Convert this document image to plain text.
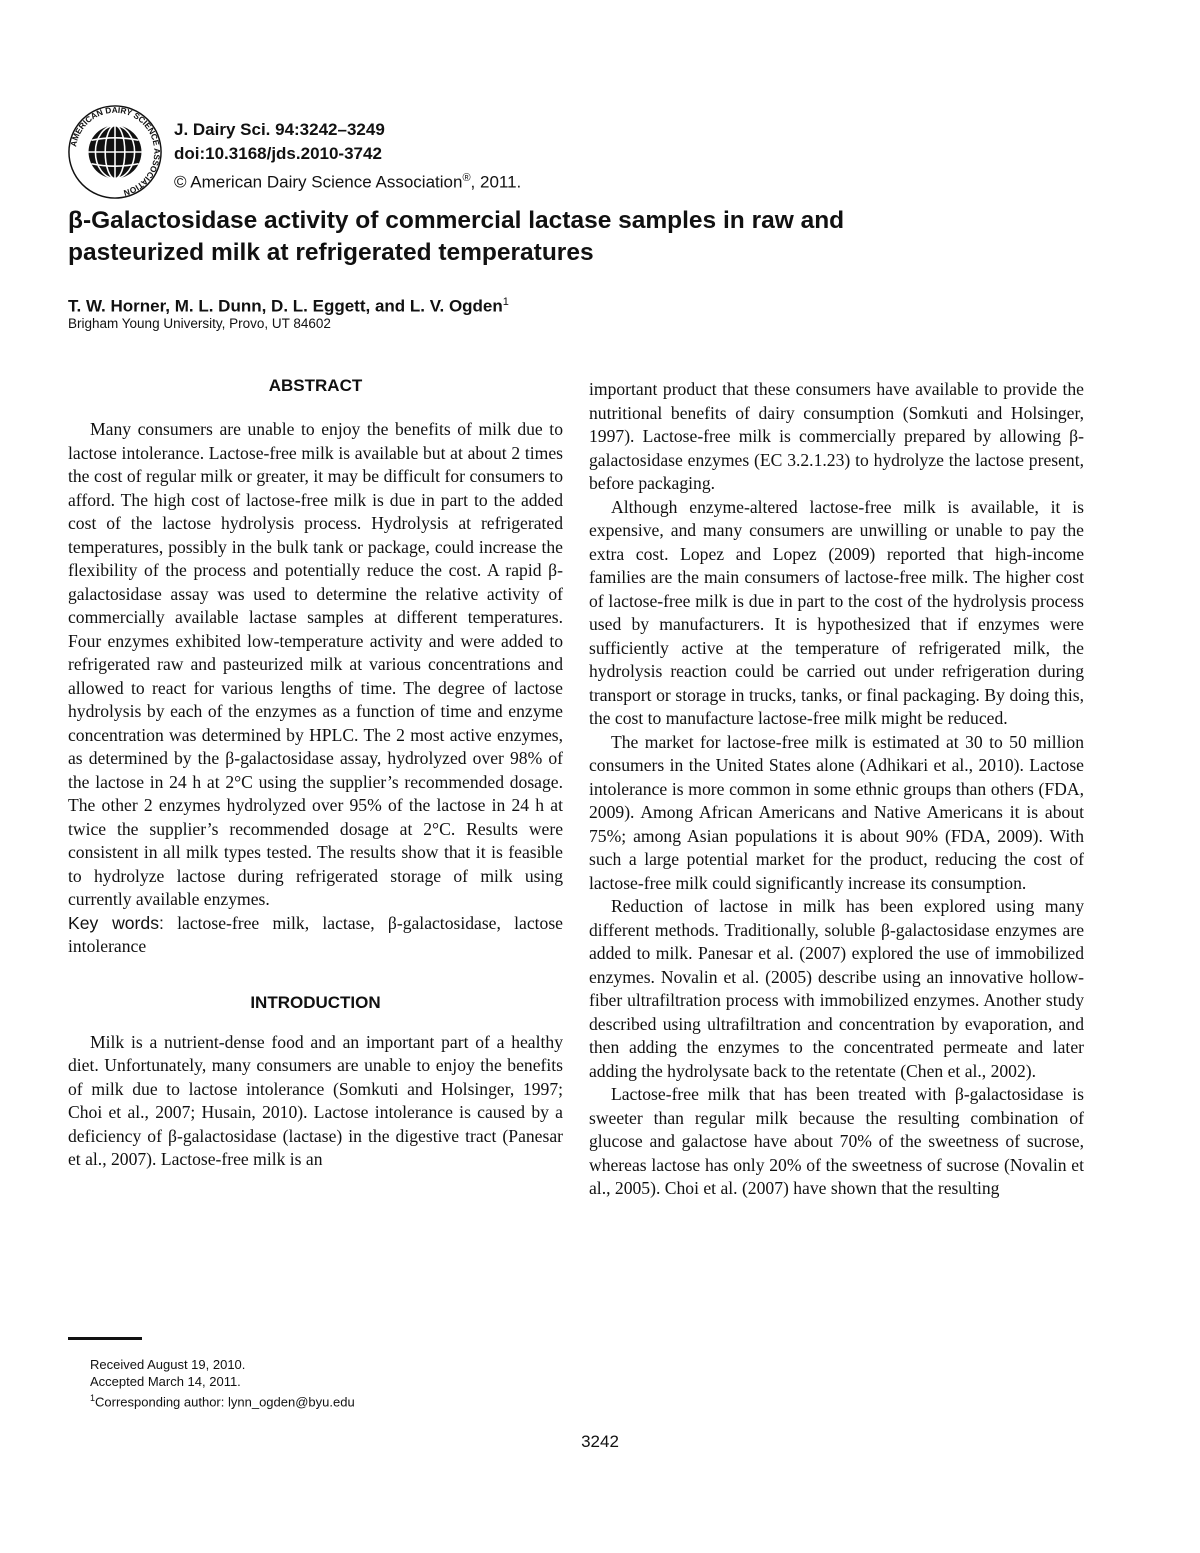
AMERICAN DAIRY SCIENCE ASSOCIATION
J. Dairy Sci. 94:3242–3249
doi:10.3168/jds.2010-3742
© American Dairy Science Association®, 2011.
β-Galactosidase activity of commercial lactase samples in raw and pasteurized milk at refrigerated temperatures

T. W. Horner, M. L. Dunn, D. L. Eggett, and L. V. Ogden$^1$

Brigham Young University, Provo, UT 84602

ABSTRACT

Many consumers are unable to enjoy the benefits of milk due to lactose intolerance. Lactose-free milk is available but at about 2 times the cost of regular milk or greater, it may be difficult for consumers to afford. The high cost of lactose-free milk is due in part to the added cost of the lactose hydrolysis process. Hydrolysis at refrigerated temperatures, possibly in the bulk tank or package, could increase the flexibility of the process and potentially reduce the cost. A rapid β-galactosidase assay was used to determine the relative activity of commercially available lactase samples at different temperatures. Four enzymes exhibited low-temperature activity and were added to refrigerated raw and pasteurized milk at various concentrations and allowed to react for various lengths of time. The degree of lactose hydrolysis by each of the enzymes as a function of time and enzyme concentration was determined by HPLC. The 2 most active enzymes, as determined by the β-galactosidase assay, hydrolyzed over 98% of the lactose in 24 h at 2°C using the supplier’s recommended dosage. The other 2 enzymes hydrolyzed over 95% of the lactose in 24 h at twice the supplier’s recommended dosage at 2°C. Results were consistent in all milk types tested. The results show that it is feasible to hydrolyze lactose during refrigerated storage of milk using currently available enzymes.

Key words: lactose-free milk, lactase, β-galactosidase, lactose intolerance

INTRODUCTION

Milk is a nutrient-dense food and an important part of a healthy diet. Unfortunately, many consumers are unable to enjoy the benefits of milk due to lactose intolerance (Somkuti and Holsinger, 1997; Choi et al., 2007; Husain, 2010). Lactose intolerance is caused by a deficiency of β-galactosidase (lactase) in the digestive tract (Panesar et al., 2007). Lactose-free milk is an

important product that these consumers have available to provide the nutritional benefits of dairy consumption (Somkuti and Holsinger, 1997). Lactose-free milk is commercially prepared by allowing β-galactosidase enzymes (EC 3.2.1.23) to hydrolyze the lactose present, before packaging.

Although enzyme-altered lactose-free milk is available, it is expensive, and many consumers are unwilling or unable to pay the extra cost. Lopez and Lopez (2009) reported that high-income families are the main consumers of lactose-free milk. The higher cost of lactose-free milk is due in part to the cost of the hydrolysis process used by manufacturers. It is hypothesized that if enzymes were sufficiently active at the temperature of refrigerated milk, the hydrolysis reaction could be carried out under refrigeration during transport or storage in trucks, tanks, or final packaging. By doing this, the cost to manufacture lactose-free milk might be reduced.

The market for lactose-free milk is estimated at 30 to 50 million consumers in the United States alone (Adhikari et al., 2010). Lactose intolerance is more common in some ethnic groups than others (FDA, 2009). Among African Americans and Native Americans it is about 75%; among Asian populations it is about 90% (FDA, 2009). With such a large potential market for the product, reducing the cost of lactose-free milk could significantly increase its consumption.

Reduction of lactose in milk has been explored using many different methods. Traditionally, soluble β-galactosidase enzymes are added to milk. Panesar et al. (2007) explored the use of immobilized enzymes. Novalin et al. (2005) describe using an innovative hollow-fiber ultrafiltration process with immobilized enzymes. Another study described using ultrafiltration and concentration by evaporation, and then adding the enzymes to the concentrated permeate and later adding the hydrolysate back to the retentate (Chen et al., 2002).

Lactose-free milk that has been treated with β-galactosidase is sweeter than regular milk because the resulting combination of glucose and galactose have about 70% of the sweetness of sucrose, whereas lactose has only 20% of the sweetness of sucrose (Novalin et al., 2005). Choi et al. (2007) have shown that the resulting

Received August 19, 2010.
Accepted March 14, 2011.
$^1$Corresponding author: lynn_ogden@byu.edu
3242
